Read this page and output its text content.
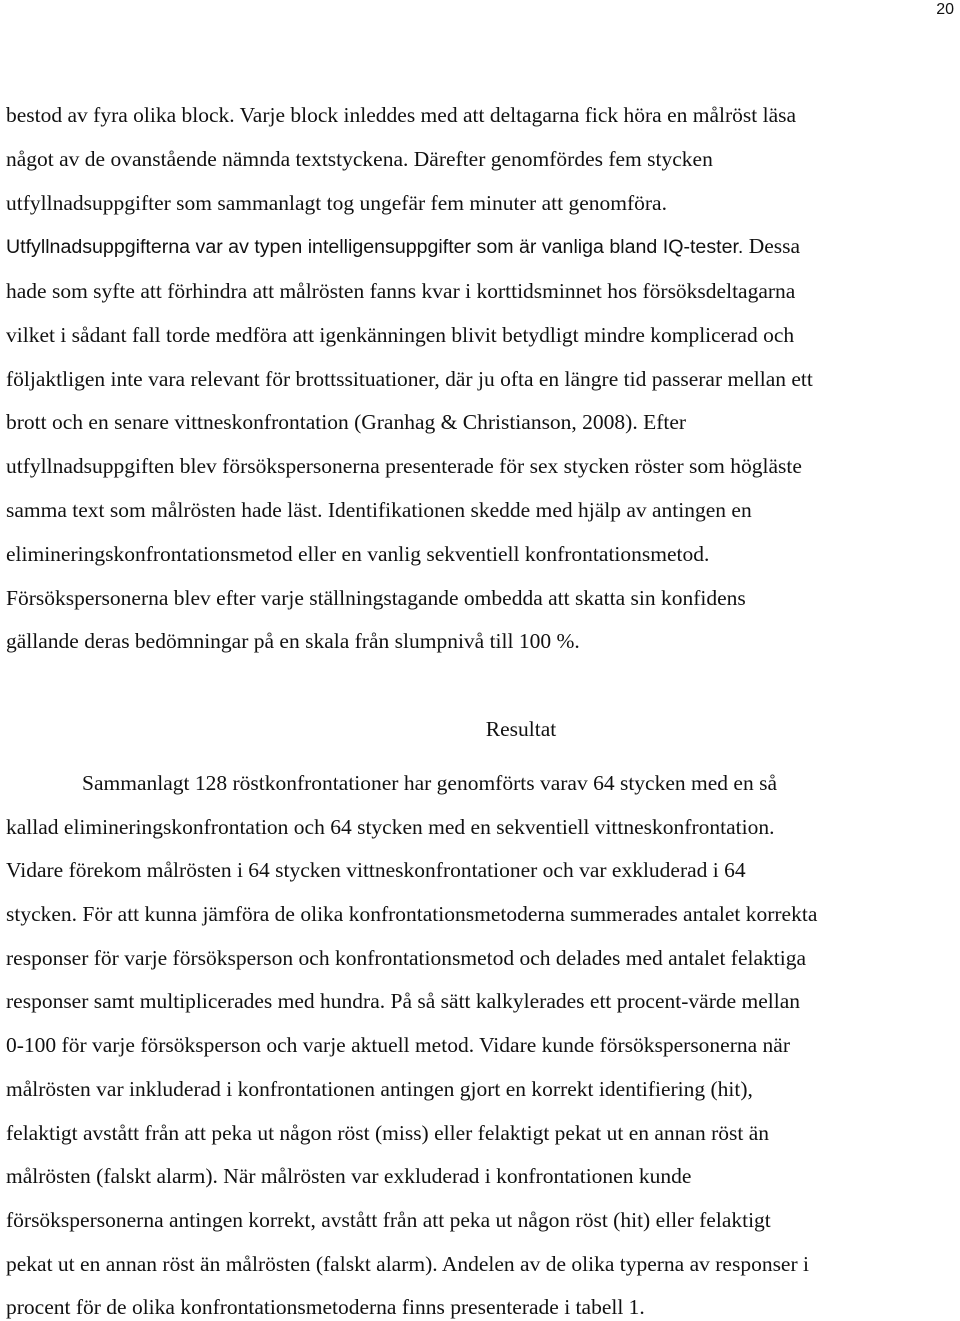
20
bestod av fyra olika block. Varje block inleddes med att deltagarna fick höra en målröst läsa
något av de ovanstående nämnda textstyckena. Därefter genomfördes fem stycken
utfyllnadsuppgifter som sammanlagt tog ungefär fem minuter att genomföra.
Utfyllnadsuppgifterna var av typen intelligensuppgifter som är vanliga bland IQ-tester. Dessa
hade som syfte att förhindra att målrösten fanns kvar i korttidsminnet hos försöksdeltagarna
vilket i sådant fall torde medföra att igenkänningen blivit betydligt mindre komplicerad och
följaktligen inte vara relevant för brottssituationer, där ju ofta en längre tid passerar mellan ett
brott och en senare vittneskonfrontation (Granhag & Christianson, 2008). Efter
utfyllnadsuppgiften blev försökspersonerna presenterade för sex stycken röster som högläste
samma text som målrösten hade läst. Identifikationen skedde med hjälp av antingen en
elimineringskonfrontationsmetod eller en vanlig sekventiell konfrontationsmetod.
Försökspersonerna blev efter varje ställningstagande ombedda att skatta sin konfidens
gällande deras bedömningar på en skala från slumpnivå till 100 %.
Resultat
Sammanlagt 128 röstkonfrontationer har genomförts varav 64 stycken med en så
kallad elimineringskonfrontation och 64 stycken med en sekventiell vittneskonfrontation.
Vidare förekom målrösten i 64 stycken vittneskonfrontationer och var exkluderad i 64
stycken. För att kunna jämföra de olika konfrontationsmetoderna summerades antalet korrekta
responser för varje försöksperson och konfrontationsmetod och delades med antalet felaktiga
responser samt multiplicerades med hundra. På så sätt kalkylerades ett procent-värde mellan
0-100 för varje försöksperson och varje aktuell metod. Vidare kunde försökspersonerna när
målrösten var inkluderad i konfrontationen antingen gjort en korrekt identifiering (hit),
felaktigt avstått från att peka ut någon röst (miss) eller felaktigt pekat ut en annan röst än
målrösten (falskt alarm). När målrösten var exkluderad i konfrontationen kunde
försökspersonerna antingen korrekt, avstått från att peka ut någon röst (hit) eller felaktigt
pekat ut en annan röst än målrösten (falskt alarm). Andelen av de olika typerna av responser i
procent för de olika konfrontationsmetoderna finns presenterade i tabell 1.
